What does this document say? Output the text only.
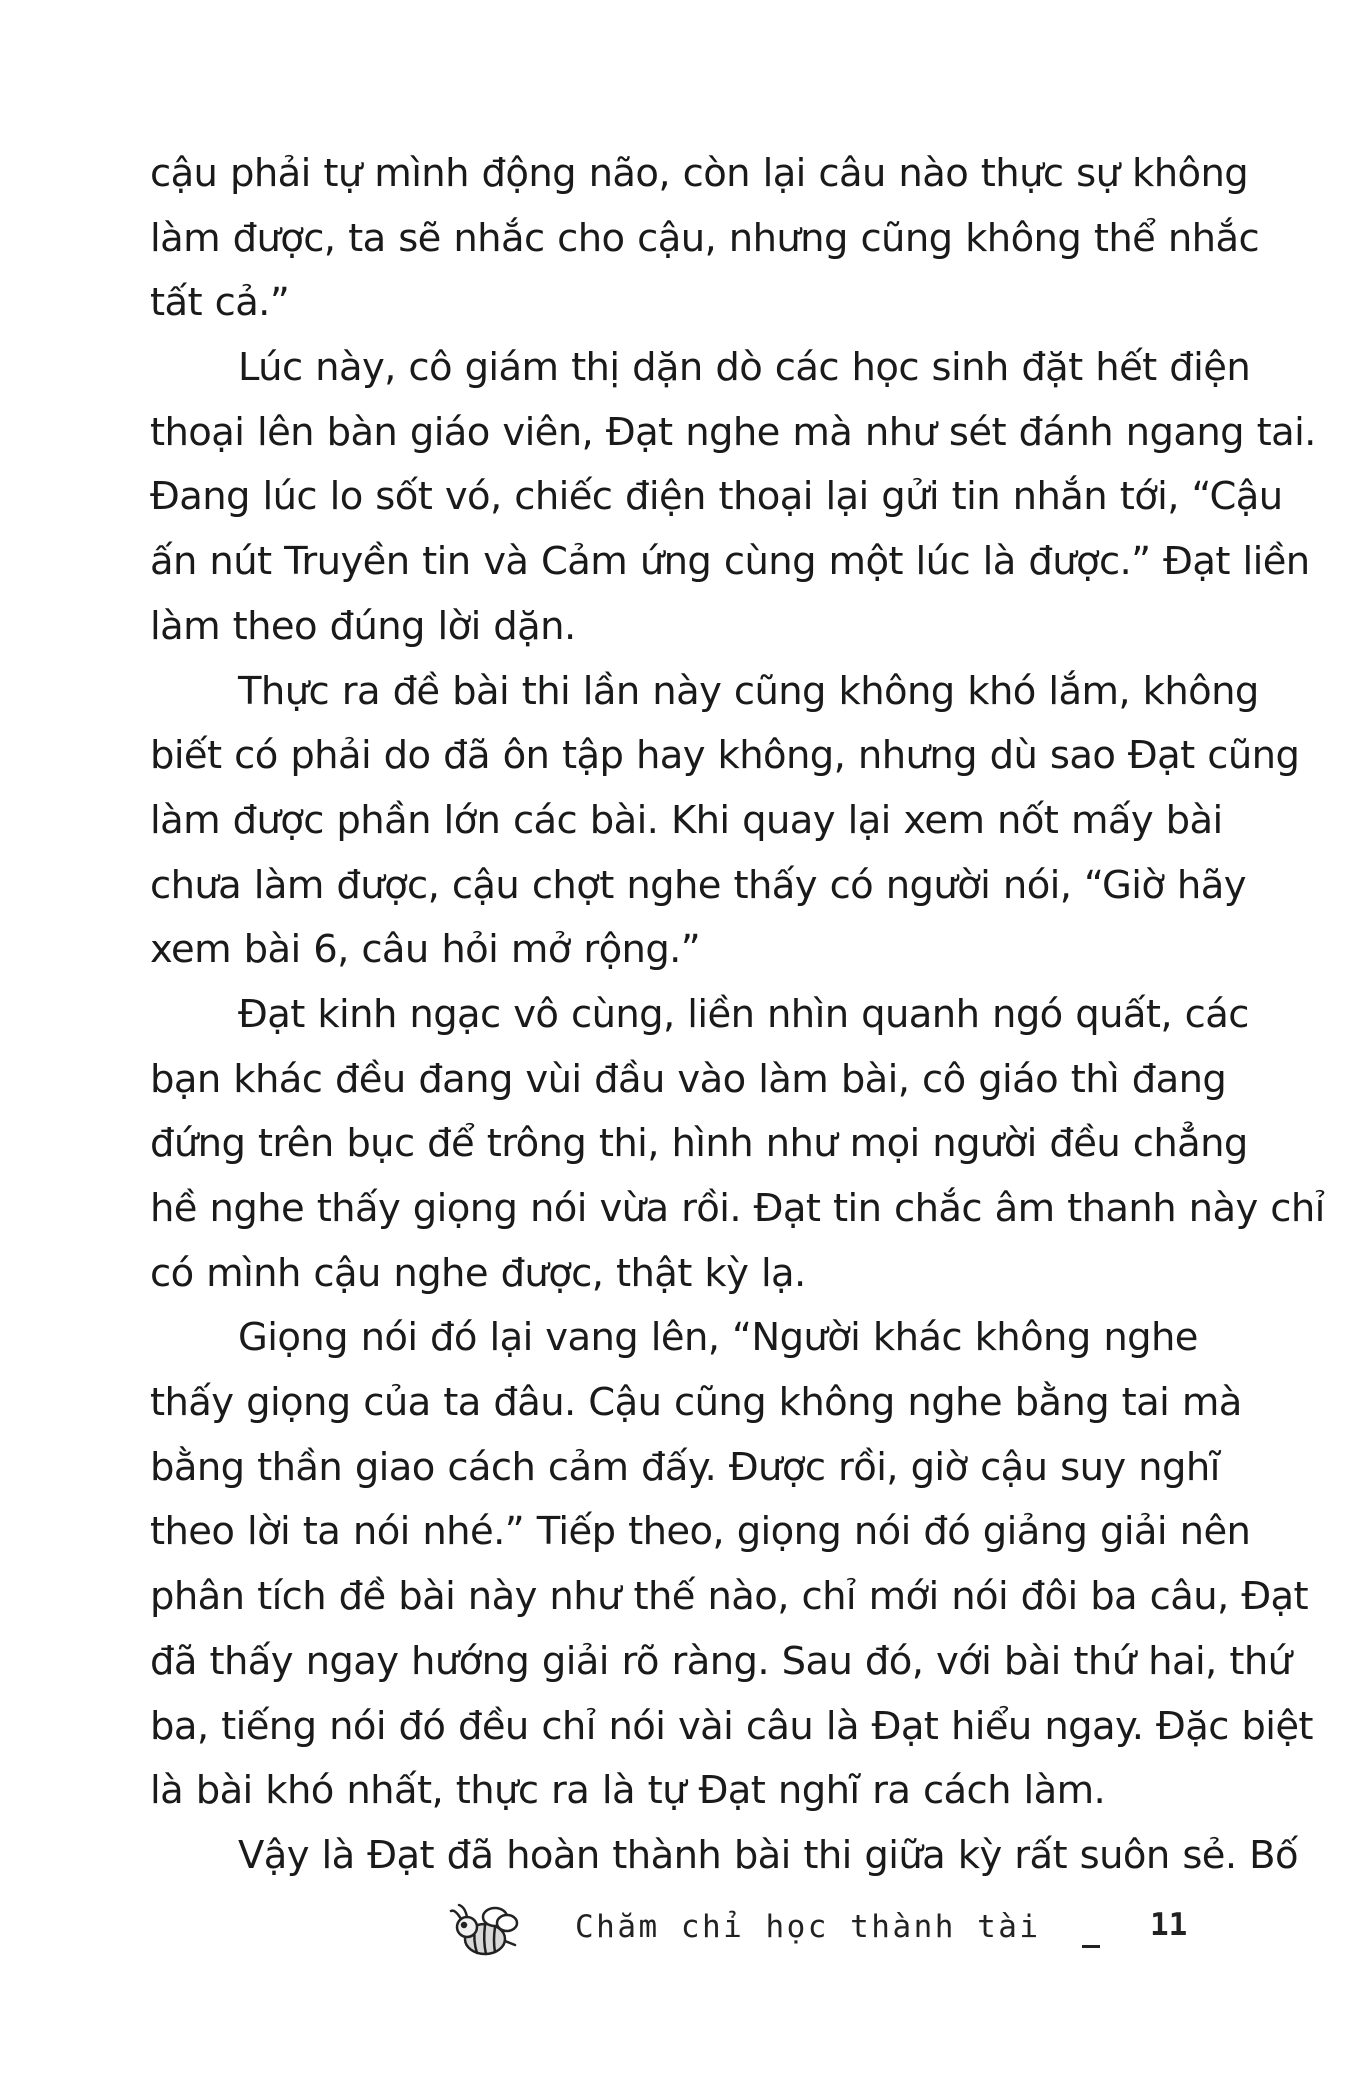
cậu phải tự mình động não, còn lại câu nào thực sự không
làm được, ta sẽ nhắc cho cậu, nhưng cũng không thể nhắc
tất cả.”
Lúc này, cô giám thị dặn dò các học sinh đặt hết điện
thoại lên bàn giáo viên, Đạt nghe mà như sét đánh ngang tai.
Đang lúc lo sốt vó, chiếc điện thoại lại gửi tin nhắn tới, “Cậu
ấn nút Truyền tin và Cảm ứng cùng một lúc là được.” Đạt liền
làm theo đúng lời dặn.
Thực ra đề bài thi lần này cũng không khó lắm, không
biết có phải do đã ôn tập hay không, nhưng dù sao Đạt cũng
làm được phần lớn các bài. Khi quay lại xem nốt mấy bài
chưa làm được, cậu chợt nghe thấy có người nói, “Giờ hãy
xem bài 6, câu hỏi mở rộng.”
Đạt kinh ngạc vô cùng, liền nhìn quanh ngó quất, các
bạn khác đều đang vùi đầu vào làm bài, cô giáo thì đang
đứng trên bục để trông thi, hình như mọi người đều chẳng
hề nghe thấy giọng nói vừa rồi. Đạt tin chắc âm thanh này chỉ
có mình cậu nghe được, thật kỳ lạ.
Giọng nói đó lại vang lên, “Người khác không nghe
thấy giọng của ta đâu. Cậu cũng không nghe bằng tai mà
bằng thần giao cách cảm đấy. Được rồi, giờ cậu suy nghĩ
theo lời ta nói nhé.” Tiếp theo, giọng nói đó giảng giải nên
phân tích đề bài này như thế nào, chỉ mới nói đôi ba câu, Đạt
đã thấy ngay hướng giải rõ ràng. Sau đó, với bài thứ hai, thứ
ba, tiếng nói đó đều chỉ nói vài câu là Đạt hiểu ngay. Đặc biệt
là bài khó nhất, thực ra là tự Đạt nghĩ ra cách làm.
Vậy là Đạt đã hoàn thành bài thi giữa kỳ rất suôn sẻ. Bố
Chăm chỉ học thành tài	11
